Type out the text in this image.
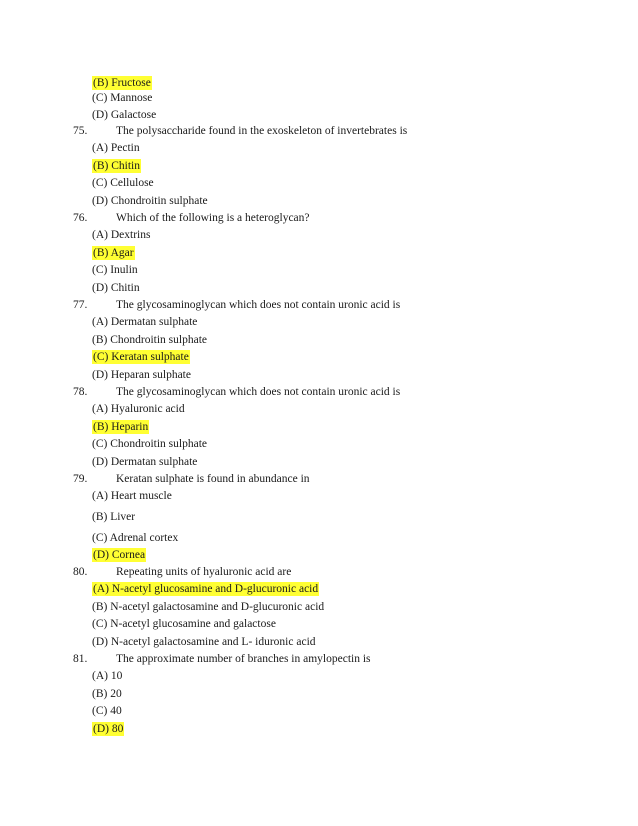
(B) Fructose
(C) Mannose
(D) Galactose
75. The polysaccharide found in the exoskeleton of invertebrates is
(A) Pectin
(B) Chitin
(C) Cellulose
(D) Chondroitin sulphate
76. Which of the following is a heteroglycan?
(A) Dextrins
(B) Agar
(C) Inulin
(D) Chitin
77. The glycosaminoglycan which does not contain uronic acid is
(A) Dermatan sulphate
(B) Chondroitin sulphate
(C) Keratan sulphate
(D) Heparan sulphate
78. The glycosaminoglycan which does not contain uronic acid is
(A) Hyaluronic acid
(B) Heparin
(C) Chondroitin sulphate
(D) Dermatan sulphate
79. Keratan sulphate is found in abundance in
(A) Heart muscle
(B) Liver
(C) Adrenal cortex
(D) Cornea
80. Repeating units of hyaluronic acid are
(A) N-acetyl glucosamine and D-glucuronic acid
(B) N-acetyl galactosamine and D-glucuronic acid
(C) N-acetyl glucosamine and galactose
(D) N-acetyl galactosamine and L- iduronic acid
81. The approximate number of branches in amylopectin is
(A) 10
(B) 20
(C) 40
(D) 80
